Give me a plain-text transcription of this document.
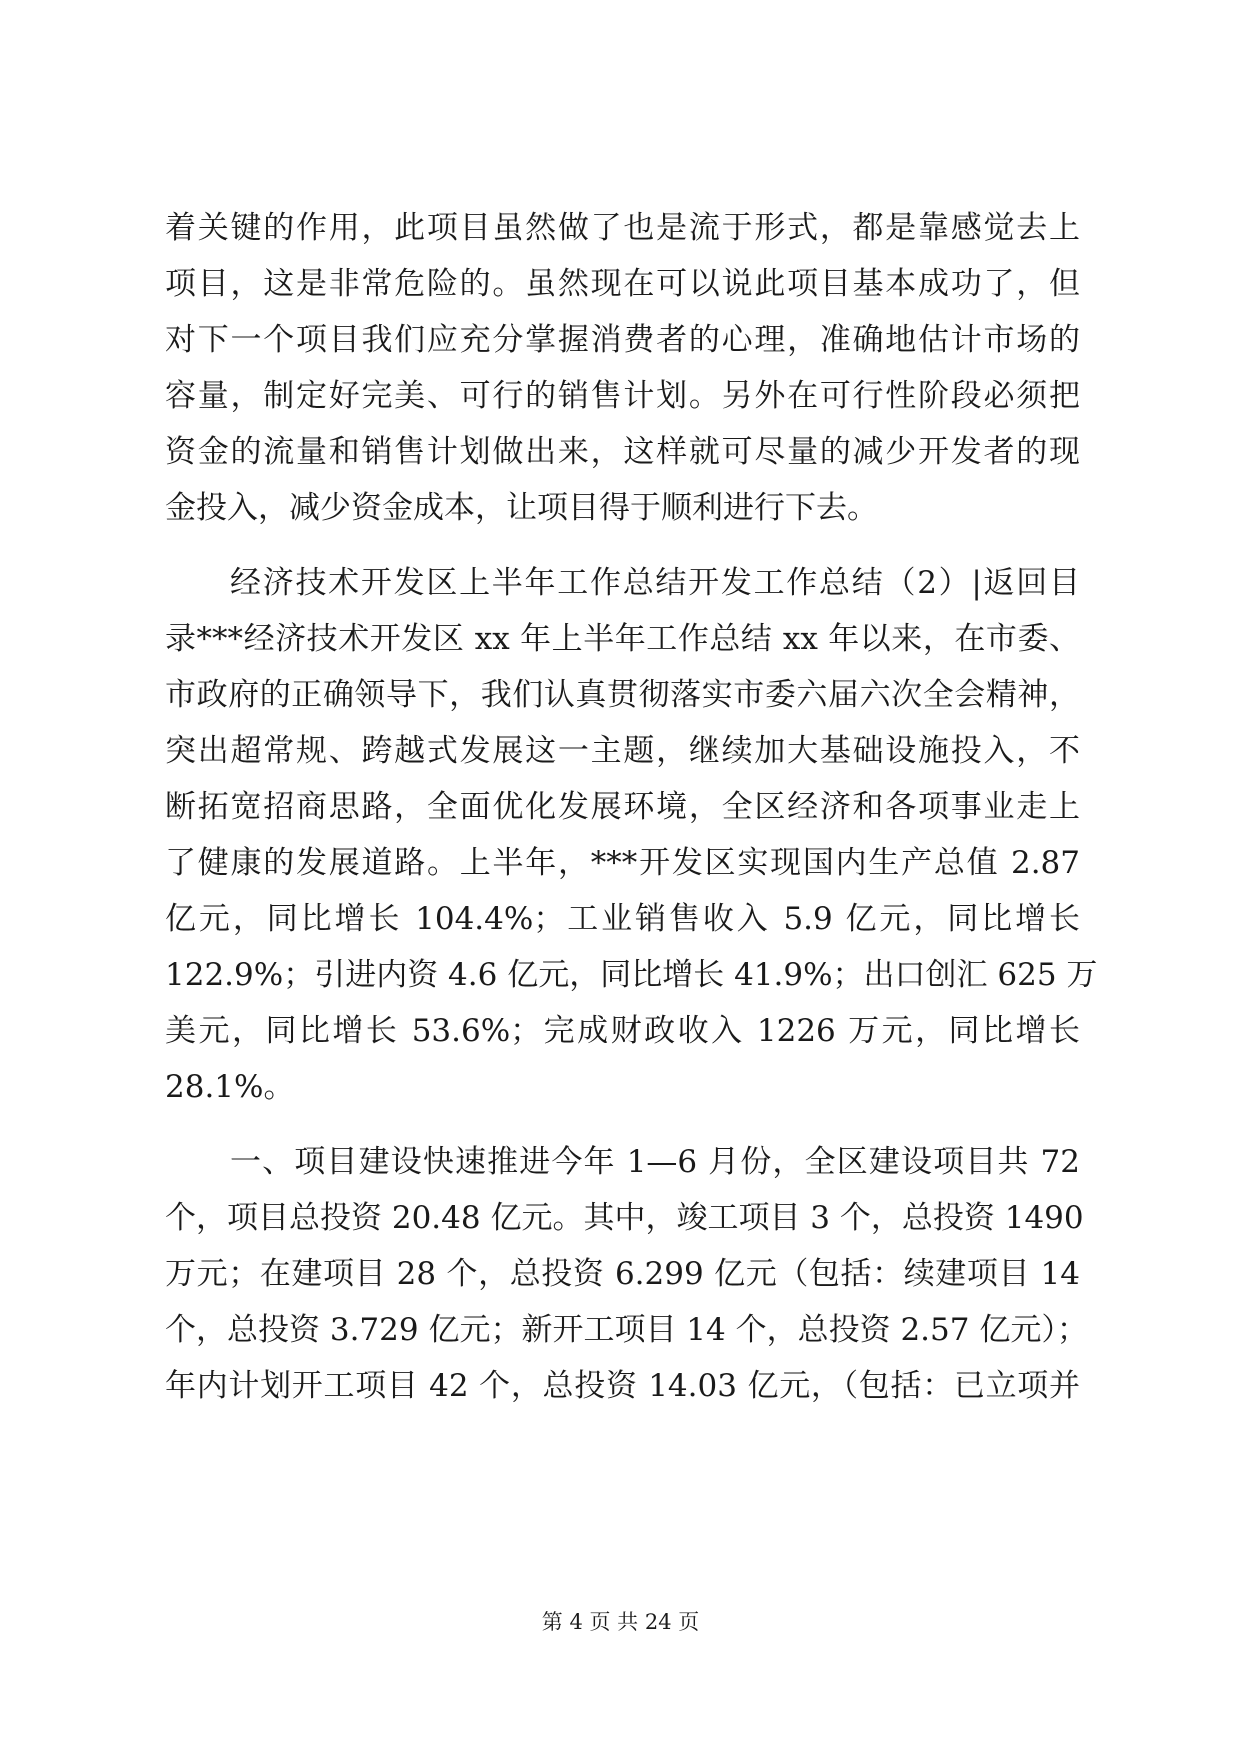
着关键的作用，此项目虽然做了也是流于形式，都是靠感觉去上
项目，这是非常危险的。虽然现在可以说此项目基本成功了，但
对下一个项目我们应充分掌握消费者的心理，准确地估计市场的
容量，制定好完美、可行的销售计划。另外在可行性阶段必须把
资金的流量和销售计划做出来，这样就可尽量的减少开发者的现
金投入，减少资金成本，让项目得于顺利进行下去。
经济技术开发区上半年工作总结开发工作总结（2）|返回目
录***经济技术开发区 xx 年上半年工作总结 xx 年以来，在市委、
市政府的正确领导下，我们认真贯彻落实市委六届六次全会精神，
突出超常规、跨越式发展这一主题，继续加大基础设施投入，不
断拓宽招商思路，全面优化发展环境，全区经济和各项事业走上
了健康的发展道路。上半年，***开发区实现国内生产总值 2.87
亿元，同比增长 104.4%；工业销售收入 5.9 亿元，同比增长
122.9%；引进内资 4.6 亿元，同比增长 41.9%；出口创汇 625 万
美元，同比增长 53.6%；完成财政收入 1226 万元，同比增长
28.1%。
一、项目建设快速推进今年 1—6 月份，全区建设项目共 72
个，项目总投资 20.48 亿元。其中，竣工项目 3 个，总投资 1490
万元；在建项目 28 个，总投资 6.299 亿元（包括：续建项目 14
个，总投资 3.729 亿元；新开工项目 14 个，总投资 2.57 亿元）；
年内计划开工项目 42 个，总投资 14.03 亿元，（包括：已立项并
第 4 页 共 24 页
